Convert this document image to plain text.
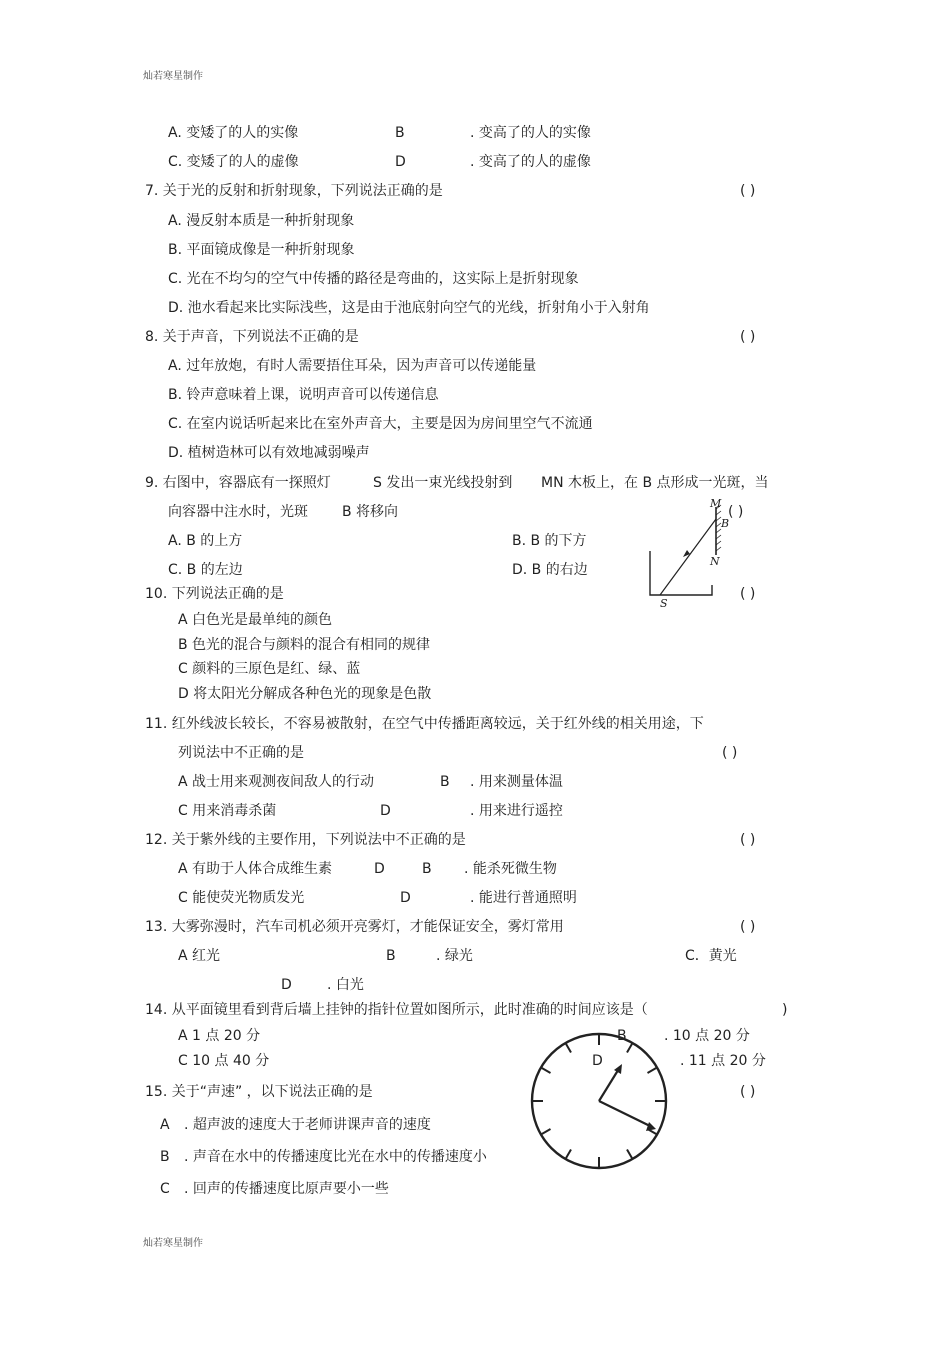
灿若寒星制作
灿若寒星制作
A. 变矮了的人的实像	B	. 变高了的人的实像
C. 变矮了的人的虚像	D	. 变高了的人的虚像
7. 关于光的反射和折射现象，下列说法正确的是	( )
A. 漫反射本质是一种折射现象
B. 平面镜成像是一种折射现象
C. 光在不均匀的空气中传播的路径是弯曲的，这实际上是折射现象
D. 池水看起来比实际浅些，这是由于池底射向空气的光线，折射角小于入射角
8. 关于声音，下列说法不正确的是	( )
A. 过年放炮，有时人需要捂住耳朵，因为声音可以传递能量
B. 铃声意味着上课，说明声音可以传递信息
C. 在室内说话听起来比在室外声音大，主要是因为房间里空气不流通
D. 植树造林可以有效地减弱噪声
9. 右图中，容器底有一探照灯	S 发出一束光线投射到 MN 木板上，在 B 点形成一光斑，当
向容器中注水时，光斑 B 将移向	( )
A. B 的上方	B. B 的下方
C. B 的左边	D. B 的右边
M
B
N
S
10. 下列说法正确的是	( )
A 白色光是最单纯的颜色
B 色光的混合与颜料的混合有相同的规律
C 颜料的三原色是红、绿、蓝
D 将太阳光分解成各种色光的现象是色散
11. 红外线波长较长，不容易被散射，在空气中传播距离较远，关于红外线的相关用途，下
列说法中不正确的是	( )
A 战士用来观测夜间敌人的行动	B . 用来测量体温
C 用来消毒杀菌	D	. 用来进行遥控
12. 关于紫外线的主要作用，下列说法中不正确的是	( )
A 有助于人体合成维生素	D	B . 能杀死微生物
C 能使荧光物质发光	D	. 能进行普通照明
13. 大雾弥漫时，汽车司机必须开亮雾灯，才能保证安全，雾灯常用	( )
A 红光	B	. 绿光	C．黄光
D	. 白光
14. 从平面镜里看到背后墙上挂钟的指针位置如图所示，此时准确的时间应该是（	)
A 1 点 20 分	B	. 10 点 20 分
C 10 点 40 分	D	. 11 点 20 分
15. 关于“声速” ，以下说法正确的是	( )
A . 超声波的速度大于老师讲课声音的速度
B . 声音在水中的传播速度比光在水中的传播速度小
C . 回声的传播速度比原声要小一些
